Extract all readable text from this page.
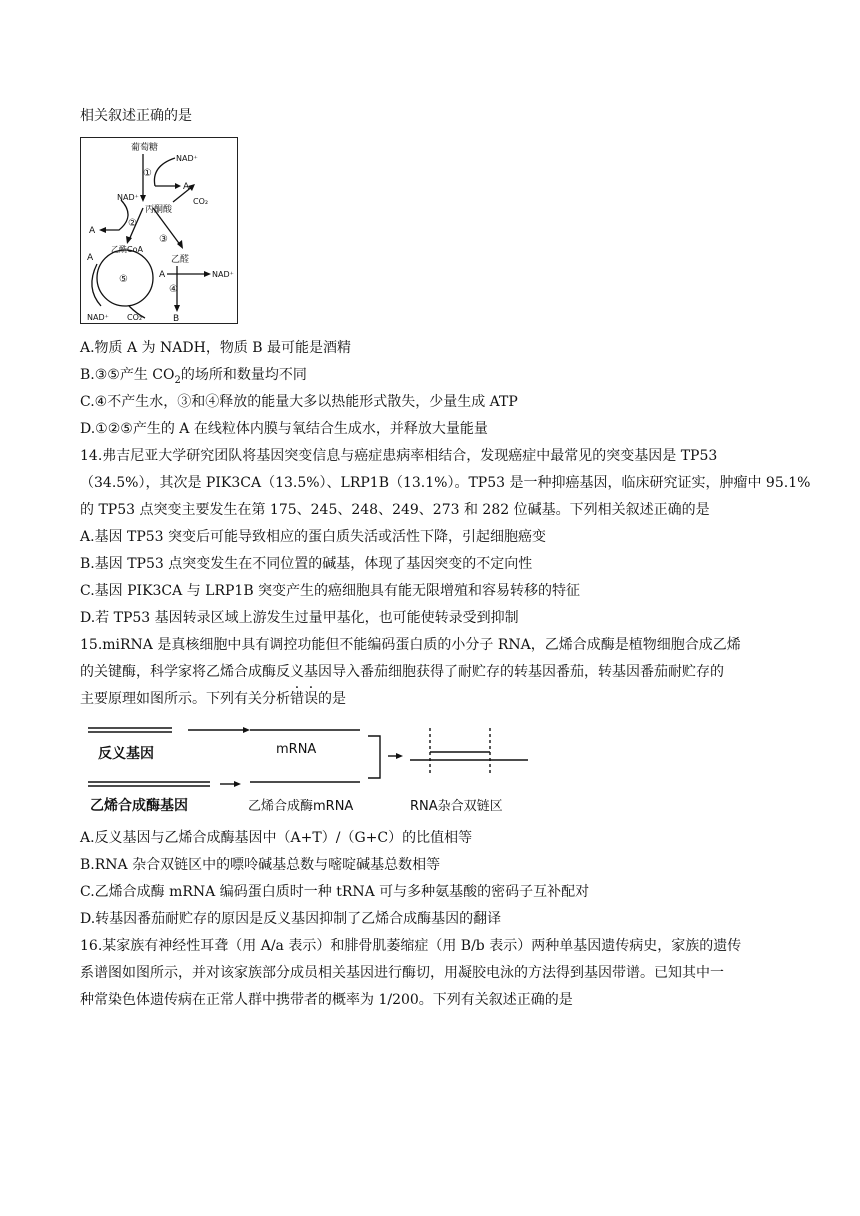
相关叙述正确的是
葡萄糖
NAD⁺
①
A
CO₂
NAD⁺
丙酮酸
②
A
乙酰CoA
③
乙醛
A	NAD⁺
④
B
A
⑤
NAD⁺ CO₂
A.物质 A 为 NADH，物质 B 最可能是酒精
B.③⑤产生 $CO_2$的场所和数量均不同
C.④不产生水，③和④释放的能量大多以热能形式散失，少量生成 ATP
D.①②⑤产生的 A 在线粒体内膜与氧结合生成水，并释放大量能量
14.弗吉尼亚大学研究团队将基因突变信息与癌症患病率相结合，发现癌症中最常见的突变基因是 TP53
（34.5%），其次是 PIK3CA（13.5%）、LRP1B（13.1%）。TP53 是一种抑癌基因，临床研究证实，肿瘤中 95.1%
的 TP53 点突变主要发生在第 175、245、248、249、273 和 282 位碱基。下列相关叙述正确的是
A.基因 TP53 突变后可能导致相应的蛋白质失活或活性下降，引起细胞癌变
B.基因 TP53 点突变发生在不同位置的碱基，体现了基因突变的不定向性
C.基因 PIK3CA 与 LRP1B 突变产生的癌细胞具有能无限增殖和容易转移的特征
D.若 TP53 基因转录区域上游发生过量甲基化，也可能使转录受到抑制
15.miRNA 是真核细胞中具有调控功能但不能编码蛋白质的小分子 RNA，乙烯合成酶是植物细胞合成乙烯
的关键酶，科学家将乙烯合成酶反义基因导入番茄细胞获得了耐贮存的转基因番茄，转基因番茄耐贮存的
主要原理如图所示。下列有关分析错误的是
反义基因	mRNA
乙烯合成酶基因	乙烯合成酶mRNA	RNA杂合双链区
A.反义基因与乙烯合成酶基因中（A+T）/（G+C）的比值相等
B.RNA 杂合双链区中的嘌呤碱基总数与嘧啶碱基总数相等
C.乙烯合成酶 mRNA 编码蛋白质时一种 tRNA 可与多种氨基酸的密码子互补配对
D.转基因番茄耐贮存的原因是反义基因抑制了乙烯合成酶基因的翻译
16.某家族有神经性耳聋（用 A/a 表示）和腓骨肌萎缩症（用 B/b 表示）两种单基因遗传病史，家族的遗传
系谱图如图所示，并对该家族部分成员相关基因进行酶切，用凝胶电泳的方法得到基因带谱。已知其中一
种常染色体遗传病在正常人群中携带者的概率为 1/200。下列有关叙述正确的是
